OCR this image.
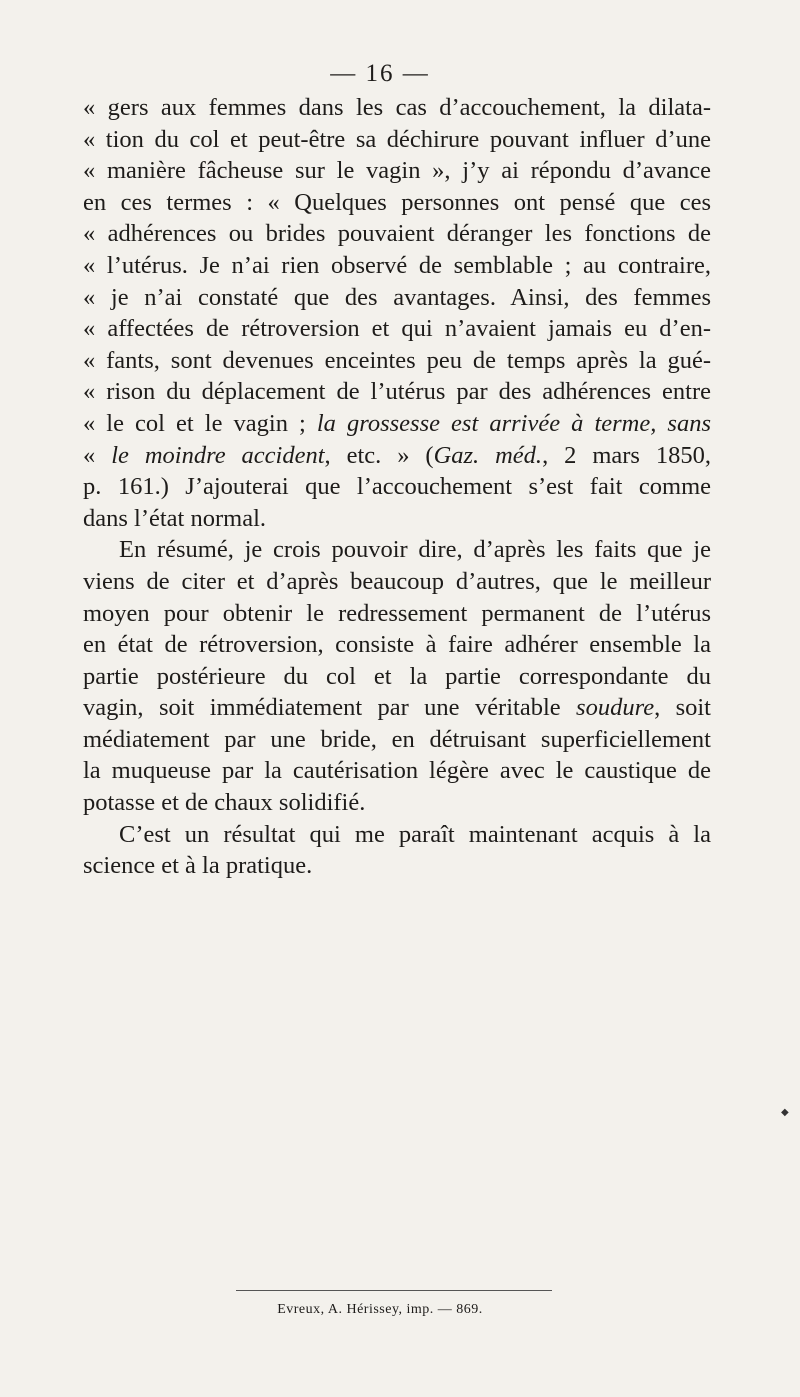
— 16 —
« gers aux femmes dans les cas d’accouchement, la dilata-
« tion du col et peut-être sa déchirure pouvant influer d’une
« manière fâcheuse sur le vagin », j’y ai répondu d’avance
en ces termes : « Quelques personnes ont pensé que ces
« adhérences ou brides pouvaient déranger les fonctions de
« l’utérus. Je n’ai rien observé de semblable ; au contraire,
« je n’ai constaté que des avantages. Ainsi, des femmes
« affectées de rétroversion et qui n’avaient jamais eu d’en-
« fants, sont devenues enceintes peu de temps après la gué-
« rison du déplacement de l’utérus par des adhérences entre
« le col et le vagin ; la grossesse est arrivée à terme, sans
« le moindre accident, etc. » (Gaz. méd., 2 mars 1850,
p. 161.) J’ajouterai que l’accouchement s’est fait comme
dans l’état normal.
En résumé, je crois pouvoir dire, d’après les faits que je
viens de citer et d’après beaucoup d’autres, que le meilleur
moyen pour obtenir le redressement permanent de l’utérus
en état de rétroversion, consiste à faire adhérer ensemble la
partie postérieure du col et la partie correspondante du
vagin, soit immédiatement par une véritable soudure, soit
médiatement par une bride, en détruisant superficiellement
la muqueuse par la cautérisation légère avec le caustique de
potasse et de chaux solidifié.
C’est un résultat qui me paraît maintenant acquis à la
science et à la pratique.
Evreux, A. Hérissey, imp. — 869.
◆
